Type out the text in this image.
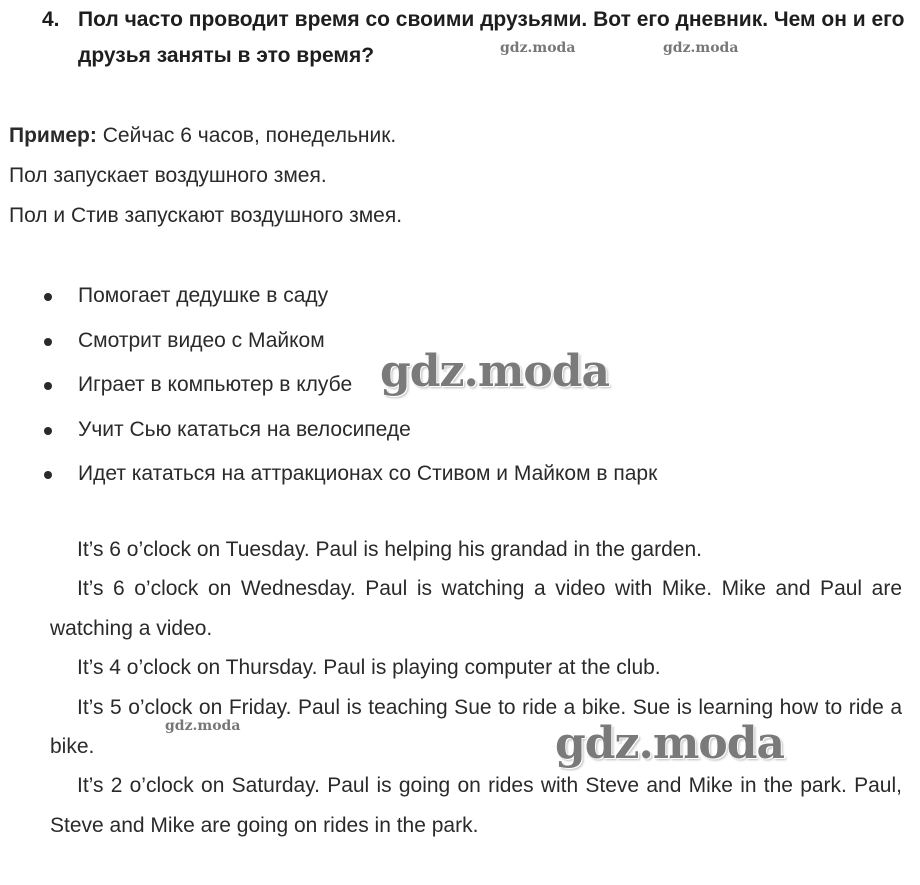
4. Пол часто проводит время со своими друзьями. Вот его дневник. Чем он и его друзья заняты в это время?
Пример: Сейчас 6 часов, понедельник.
Пол запускает воздушного змея.
Пол и Стив запускают воздушного змея.
Помогает дедушке в саду
Смотрит видео с Майком
Играет в компьютер в клубе
Учит Сью кататься на велосипеде
Идет кататься на аттракционах со Стивом и Майком в парк

It’s 6 o’clock on Tuesday. Paul is helping his grandad in the garden.

It’s 6 o’clock on Wednesday. Paul is watching a video with Mike. Mike and Paul are watching a video.

It’s 4 o’clock on Thursday. Paul is playing computer at the club.

It’s 5 o’clock on Friday. Paul is teaching Sue to ride a bike. Sue is learning how to ride a bike.

It’s 2 o’clock on Saturday. Paul is going on rides with Steve and Mike in the park. Paul, Steve and Mike are going on rides in the park.

gdz.moda	gdz.moda
gdz.moda
gdz.moda
gdz.moda
